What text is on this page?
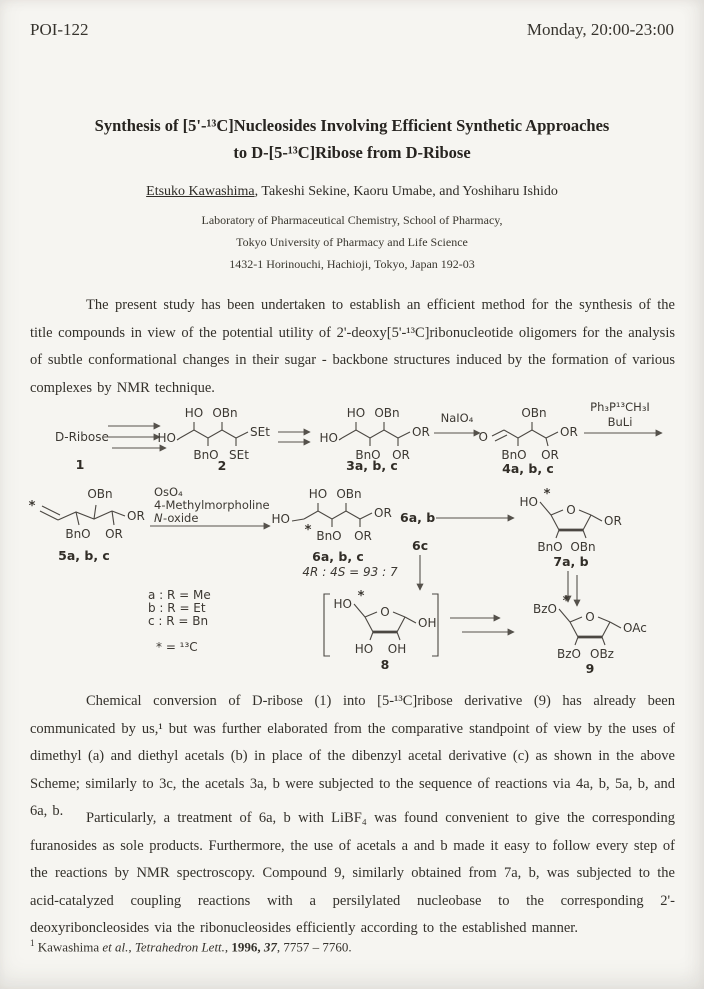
POI-122	Monday, 20:00-23:00
Synthesis of [5'-¹³C]Nucleosides Involving Efficient Synthetic Approaches
to D-[5-¹³C]Ribose from D-Ribose
Etsuko Kawashima, Takeshi Sekine, Kaoru Umabe, and Yoshiharu Ishido
Laboratory of Pharmaceutical Chemistry, School of Pharmacy,
Tokyo University of Pharmacy and Life Science
1432-1 Horinouchi, Hachioji, Tokyo, Japan 192-03

The present study has been undertaken to establish an efficient method for the synthesis of the title compounds in view of the potential utility of 2'-deoxy[5'-¹³C]ribonucleotide oligomers for the analysis of subtle conformational changes in their sugar - backbone structures induced by the formation of various complexes by NMR technique.

D-Ribose
1
HO
HO OBn
BnO SEt
SEt
2
HO
HO OBn
BnO OR
OR
3a, b, c
NaIO₄
O
OBn
BnO OR
OR
4a, b, c
Ph₃P¹³CH₃I
BuLi
*
OBn
BnO OR
OR
5a, b, c
OsO₄
4-Methylmorpholine
N -oxide	HO
*
HO OBn
BnO OR
OR
6a, b, c
4R : 4S = 93 : 7
6a, b
6c
HO *
O
OR
BnO OBn
7a, b
a : R = Me
b : R = Et
c : R = Bn
* = ¹³C
HO *
O
OH
HO OH
8
BzO *
O
OAc
BzO OBz
9

Chemical conversion of D-ribose (1) into [5-¹³C]ribose derivative (9) has already been communicated by us,¹ but was further elaborated from the comparative standpoint of view by the uses of dimethyl (a) and diethyl acetals (b) in place of the dibenzyl acetal derivative (c) as shown in the above Scheme; similarly to 3c, the acetals 3a, b were subjected to the sequence of reactions via 4a, b, 5a, b, and 6a, b.	Particularly, a treatment of 6a, b with LiBF₄ was found convenient to give the corresponding furanosides as sole products. Furthermore, the use of acetals a and b made it easy to follow every step of the reactions by NMR spectroscopy. Compound 9, similarly obtained from 7a, b, was subjected to the acid-catalyzed coupling reactions with a persilylated nucleobase to the corresponding 2'-deoxyriboncleosides via the ribonucleosides efficiently according to the established manner.

$^1$ Kawashima et al., Tetrahedron Lett., 1996, 37, 7757 – 7760.
